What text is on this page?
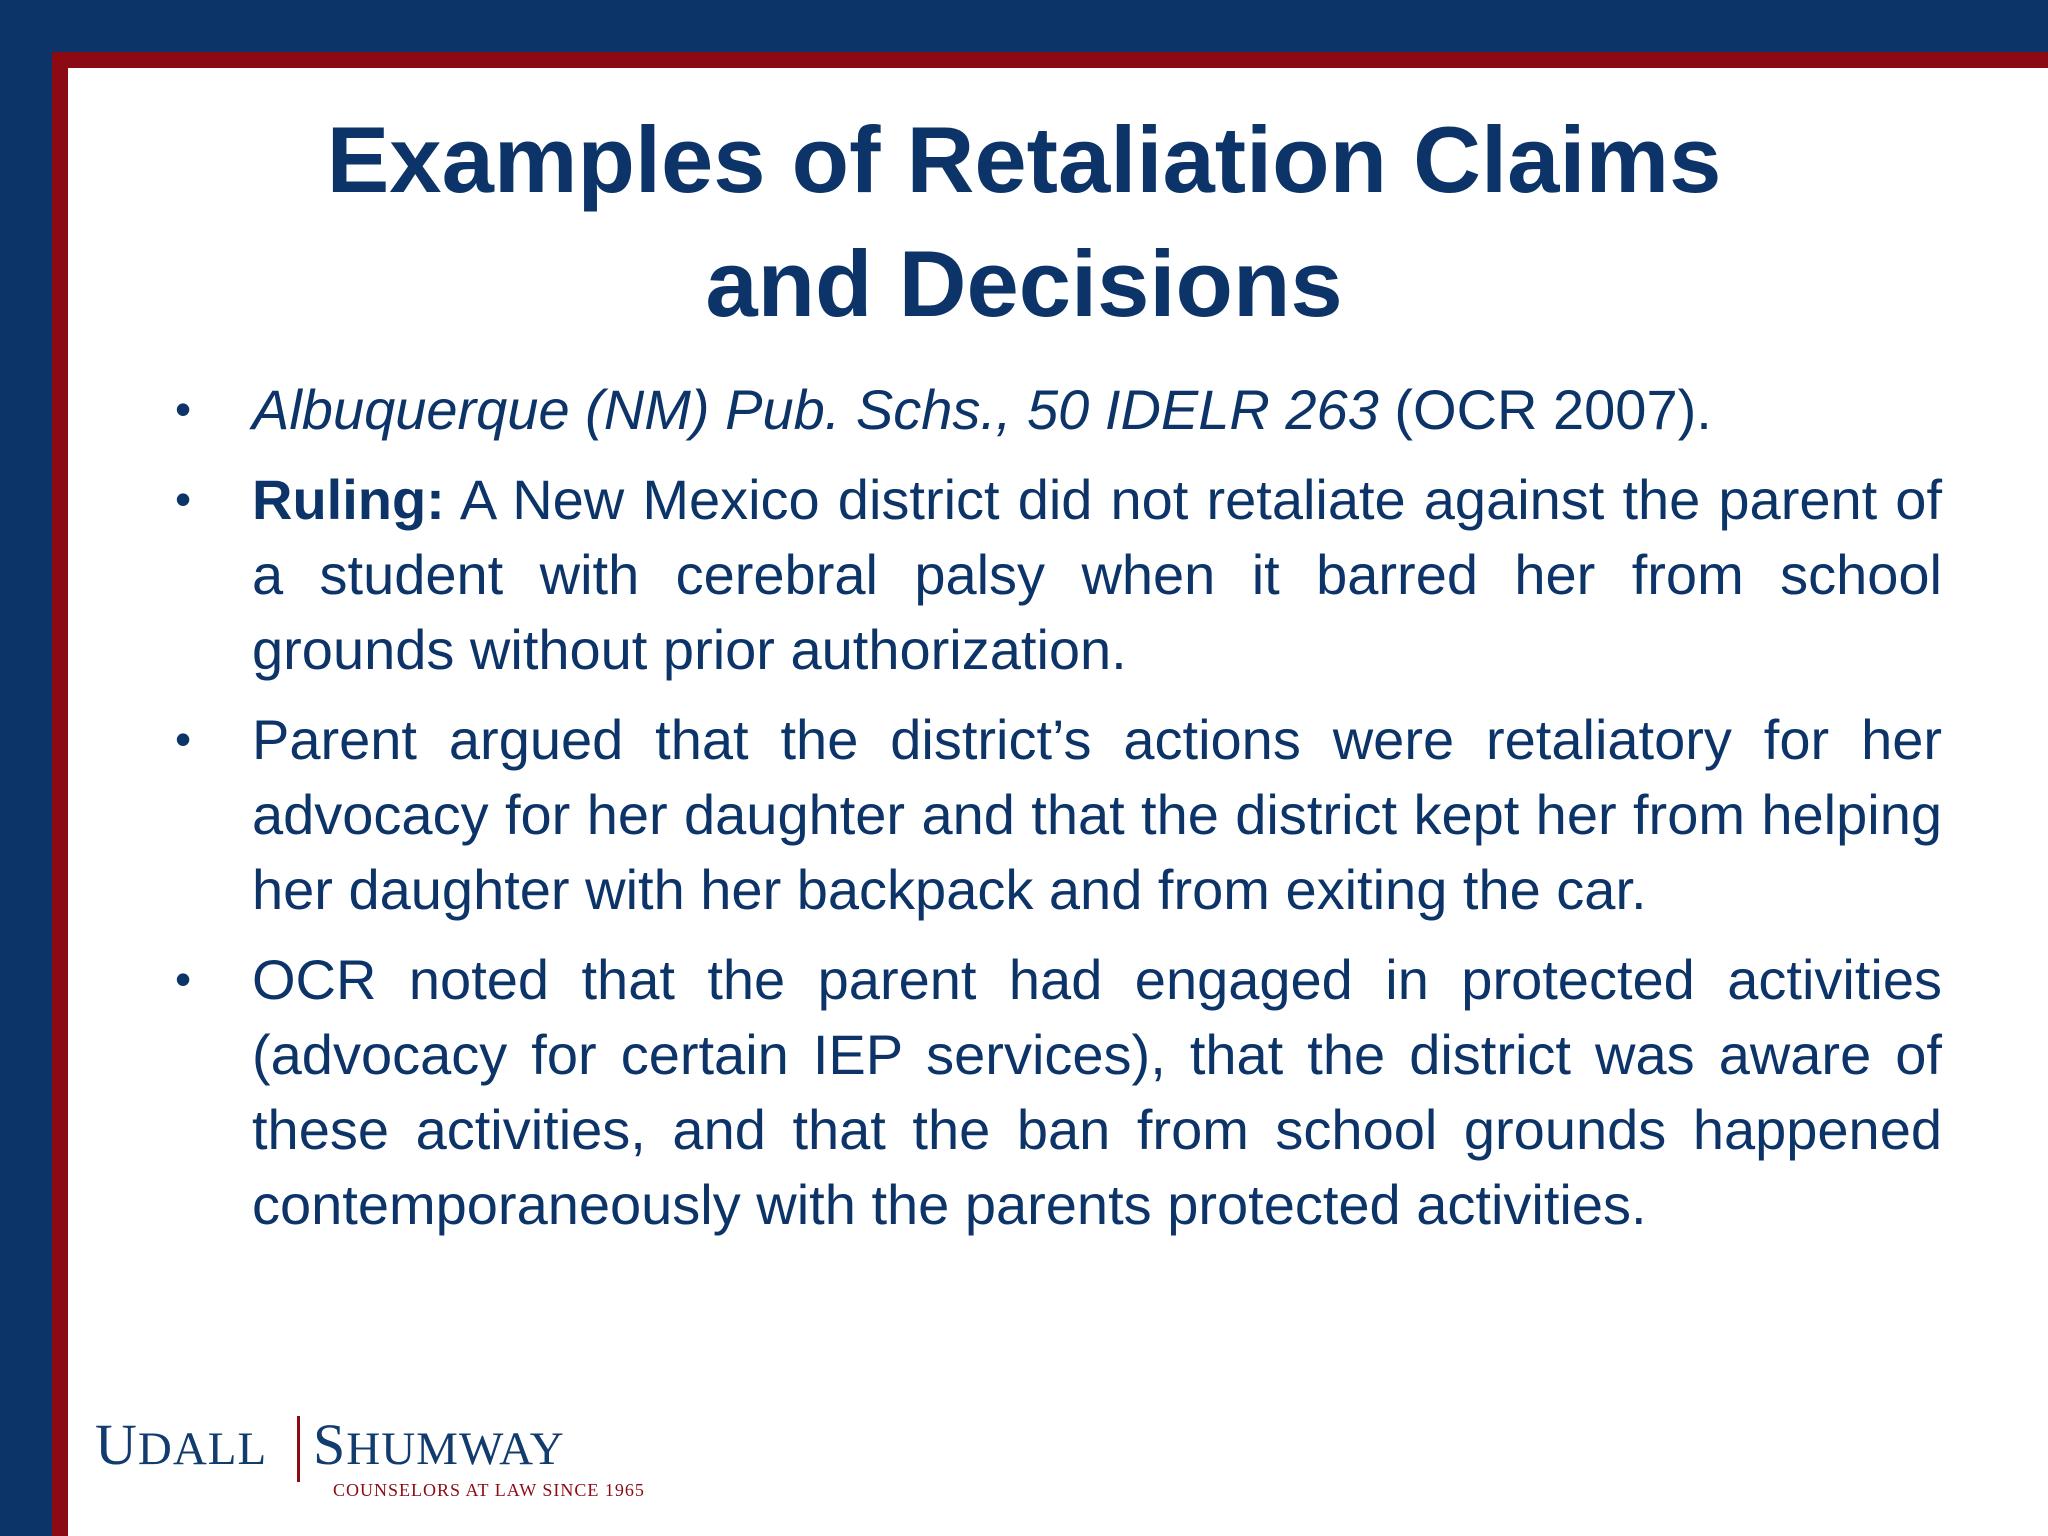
Examples of Retaliation Claims
and Decisions
• Albuquerque (NM) Pub. Schs., 50 IDELR 263 (OCR 2007).
• Ruling: A New Mexico district did not retaliate against the parent of a student with cerebral palsy when it barred her from school grounds without prior authorization.
• Parent argued that the district’s actions were retaliatory for her advocacy for her daughter and that the district kept her from helping her daughter with her backpack and from exiting the car.
• OCR noted that the parent had engaged in protected activities (advocacy for certain IEP services), that the district was aware of these activities, and that the ban from school grounds happened contemporaneously with the parents protected activities.
UDALL SHUMWAY
COUNSELORS AT LAW SINCE 1965
